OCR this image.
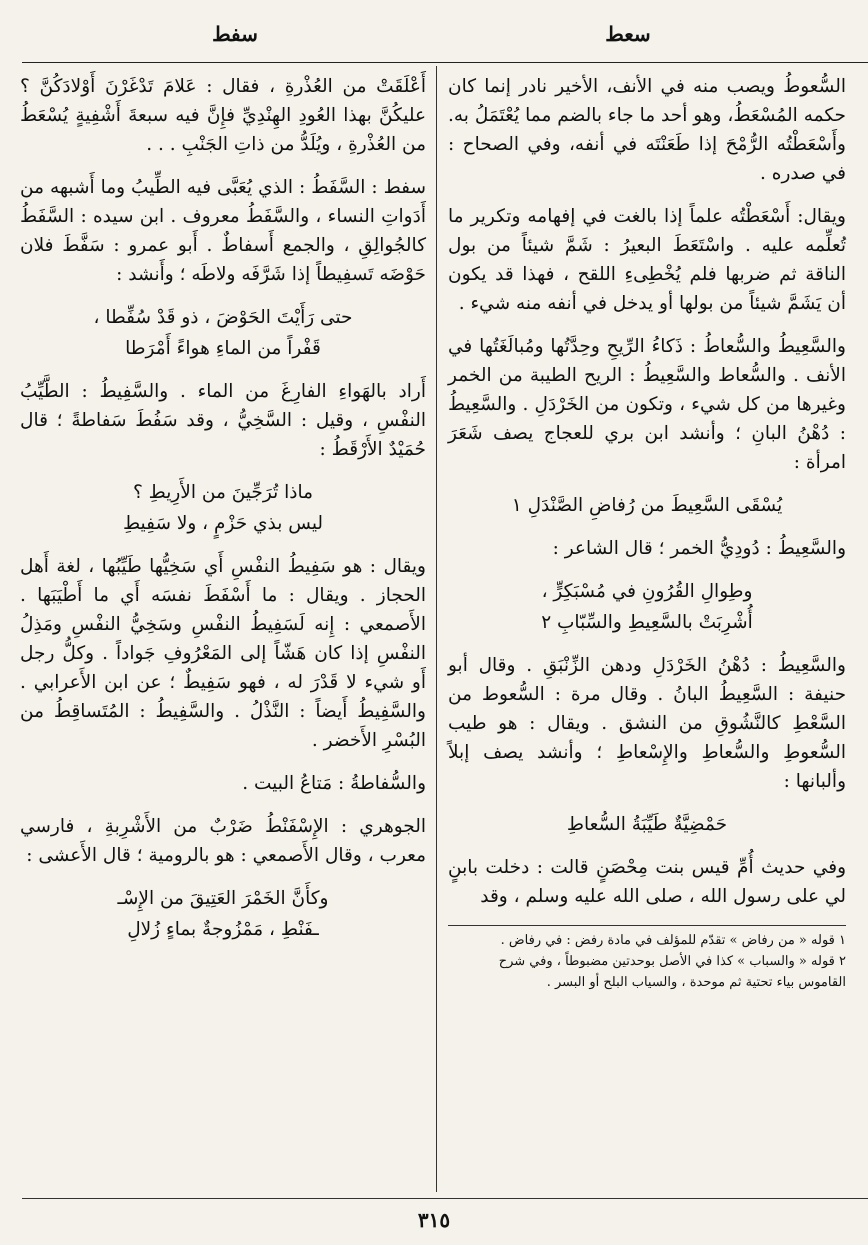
سعط
سفط

السُّعوطُ ويصب منه في الأنف، الأخير نادر إنما كان حكمه المُسْعَطُ، وهو أحد ما جاء بالضم مما يُعْتَمَلُ به. وأَسْعَطْتُه الرُّمْحَ إذا طَعَنْتَه في أنفه، وفي الصحاح : في صدره .

ويقال: أَسْعَطْتُه علماً إذا بالغت في إفهامه وتكرير ما تُعلِّمه عليه . واسْتَعَطَ البعيرُ : شَمَّ شيئاً من بول الناقة ثم ضربها فلم يُخْطِىءِ اللقح ، فهذا قد يكون أن يَشَمَّ شيئاً من بولها أو يدخل في أنفه منه شيء .

والسَّعِيطُ والسُّعاطُ : ذَكاءُ الرِّيحِ وحِدَّتُها ومُبالَغَتُها في الأنف . والسُّعاط والسَّعِيطُ : الريح الطيبة من الخمر وغيرها من كل شيء ، وتكون من الخَرْدَلِ . والسَّعِيطُ : دُهْنُ البانِ ؛ وأنشد ابن بري للعجاج يصف شَعَرَ امرأة :

يُسْقَى السَّعِيطَ من رُفاضِ الصَّنْدَلِ ١

والسَّعِيطُ : دُودِيُّ الخمر ؛ قال الشاعر :

وطِوالِ القُرُونِ في مُسْبَكِرٍّ ،
أُشْرِبَتْ بالسَّعِيطِ والسِّبّابِ ٢

والسَّعِيطُ : دُهْنُ الخَرْدَلِ ودهن الزِّنْبَقِ . وقال أبو حنيفة : السَّعِيطُ البانُ . وقال مرة : السُّعوط من السَّعْطِ كالنَّشُوقِ من النشق . ويقال : هو طيب السُّعوطِ والسُّعاطِ والإِسْعاطِ ؛ وأنشد يصف إبلاً وألبانها :

حَمْضِيَّةٌ طَيِّبَةُ السُّعاطِ

وفي حديث أُمِّ قيس بنت مِحْصَنٍ قالت : دخلت بابنٍ لي على رسول الله ، صلى الله عليه وسلم ، وقد

١ قوله « من رفاض » تقدّم للمؤلف في مادة رفض : في رفاض .
٢ قوله « والسباب » كذا في الأصل بوحدتين مضبوطاً ، وفي شرح القاموس بياء تحتية ثم موحدة ، والسياب البلح أو البسر .

أَعْلَقَتْ من العُذْرةِ ، فقال : عَلامَ تَدْغَرْنَ أَوْلادَكُنَّ ؟ عليكُنَّ بهذا العُودِ الهِنْدِيِّ فإِنَّ فيه سبعةَ أَشْفِيةٍ يُسْعَطُ من العُذْرةِ ، ويُلَدُّ من ذاتِ الجَنْبِ . . .

سفط : السَّفَطُ : الذي يُعَبَّى فيه الطِّيبُ وما أَشبهه من أَدَواتِ النساء ، والسَّفَطُ معروف . ابن سيده : السَّفَطُ كالجُوالِقِ ، والجمع أَسفاطٌ . أَبو عمرو : سَفَّطَ فلان حَوْضَه تَسفِيطاً إذا شَرَّفَه ولاطَه ؛ وأَنشد :

حتى رَأَيْتَ الحَوْضَ ، ذو قَدْ سُفِّطا ،
قَفْراً من الماءِ هواءً أَمْرَطا

أَراد بالهَواءِ الفارِغَ من الماء . والسَّفِيطُ : الطَّيِّبُ النفْسِ ، وقيل : السَّخِيُّ ، وقد سَفُطَ سَفاطةً ؛ قال حُمَيْدٌ الأَرْقَطُ :

ماذا تُرَجِّينَ من الأَرِيطِ ؟
ليس بذي حَزْمٍ ، ولا سَفِيطِ

ويقال : هو سَفِيطُ النفْسِ أَي سَخِيُّها طَيِّبُها ، لغة أَهل الحجاز . ويقال : ما أَسْفَطَ نفسَه أَي ما أَطْيَبَها . الأَصمعي : إِنه لَسَفِيطُ النفْسِ وسَخِيُّ النفْسِ ومَذِلُ النفْسِ إذا كان هَشّاً إلى المَعْرُوفِ جَواداً . وكلُّ رجل أَو شيء لا قَدْرَ له ، فهو سَفِيطٌ ؛ عن ابن الأَعرابي . والسَّفِيطُ أَيضاً : النَّذْلُ . والسَّفِيطُ : المُتَساقِطُ من البُسْرِ الأَخضر .

والسُّفاطةُ : مَتاعُ البيت .

الجوهري : الإِسْفَنْطُ ضَرْبٌ من الأَشْرِبةِ ، فارسي معرب ، وقال الأَصمعي : هو بالرومية ؛ قال الأَعشى :

وكأَنَّ الخَمْرَ العَتِيقَ من الإِسْـ
ـفَنْطِ ، مَمْزُوجةٌ بماءٍ زُلالِ
٣١٥
